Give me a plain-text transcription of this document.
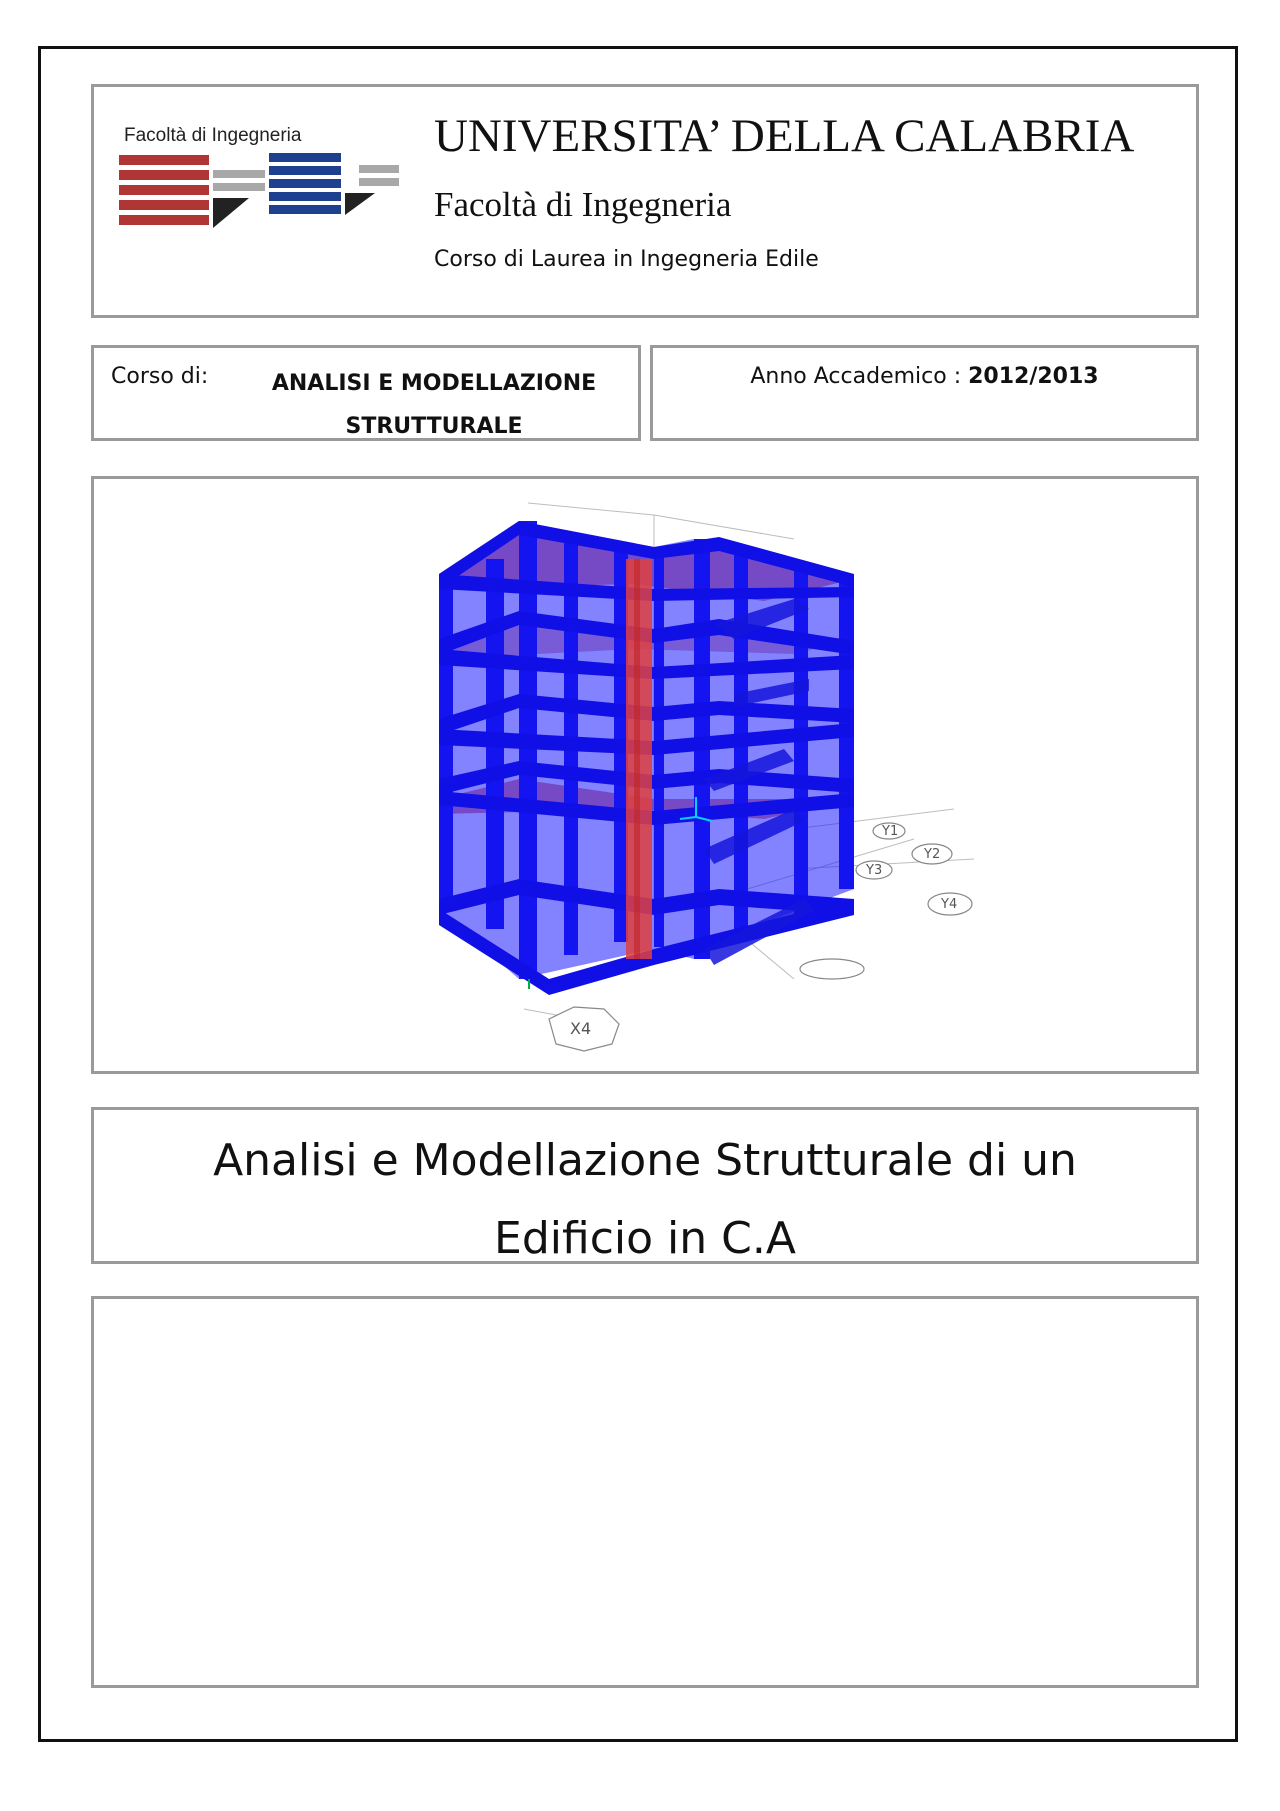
Facoltà di Ingegneria	UNIVERSITA’ DELLA CALABRIA
Facoltà di Ingegneria
Corso di Laurea in Ingegneria Edile
Corso di:	ANALISI E MODELLAZIONE
STRUTTURALE
Anno Accademico : 2012/2013
X4
Y1
Y2
Y3
Y4
Analisi e Modellazione Strutturale di un
Edificio in C.A
